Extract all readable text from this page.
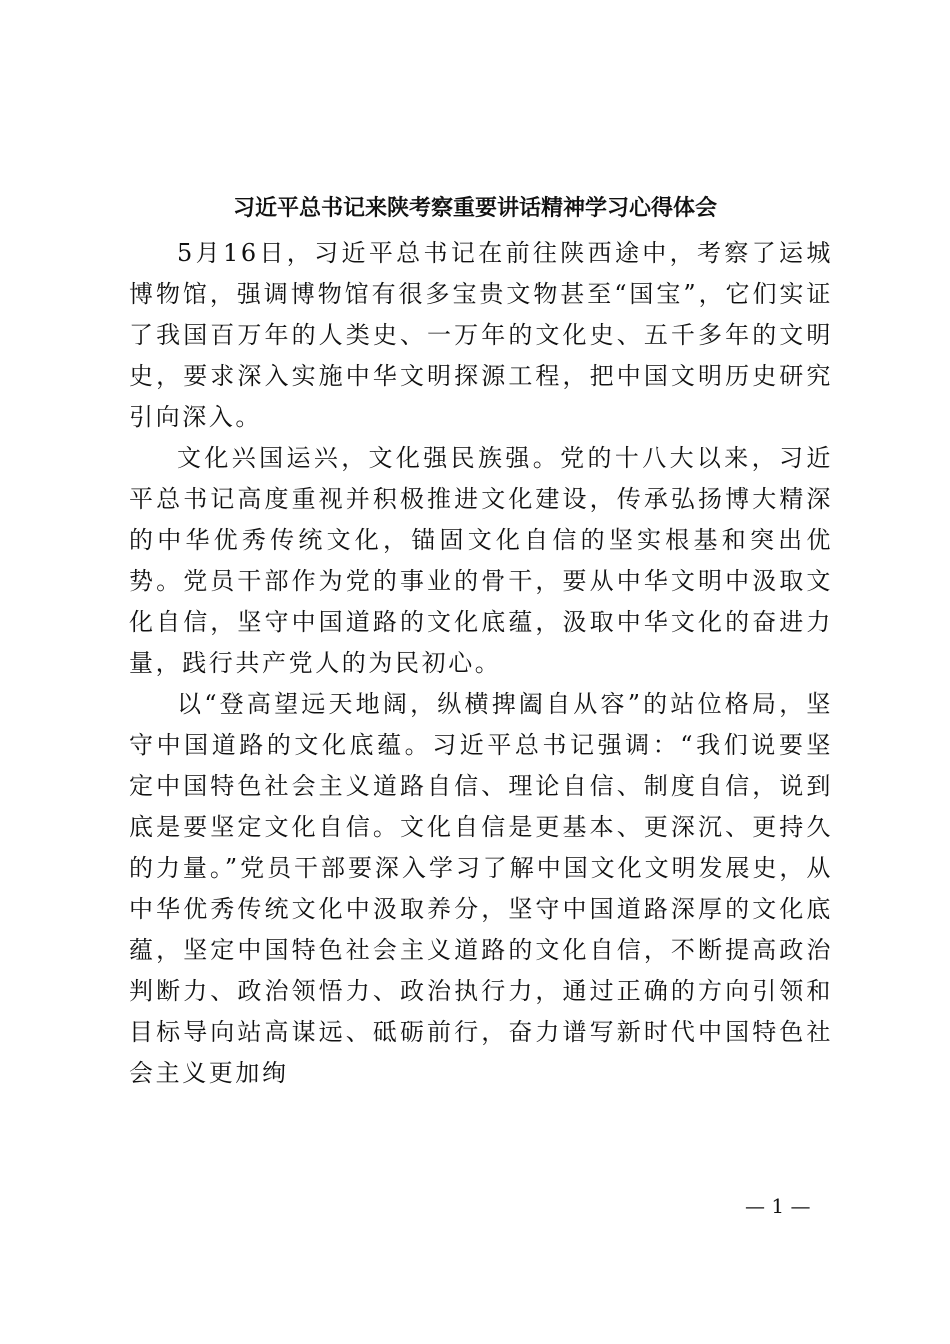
习近平总书记来陕考察重要讲话精神学习心得体会

5月16日，习近平总书记在前往陕西途中，考察了运城博物馆，强调博物馆有很多宝贵文物甚至“国宝”，它们实证了我国百万年的人类史、一万年的文化史、五千多年的文明史，要求深入实施中华文明探源工程，把中国文明历史研究引向深入。

文化兴国运兴，文化强民族强。党的十八大以来，习近平总书记高度重视并积极推进文化建设，传承弘扬博大精深的中华优秀传统文化，锚固文化自信的坚实根基和突出优势。党员干部作为党的事业的骨干，要从中华文明中汲取文化自信，坚守中国道路的文化底蕴，汲取中华文化的奋进力量，践行共产党人的为民初心。

以“登高望远天地阔，纵横捭阖自从容”的站位格局，坚守中国道路的文化底蕴。习近平总书记强调：“我们说要坚定中国特色社会主义道路自信、理论自信、制度自信，说到底是要坚定文化自信。文化自信是更基本、更深沉、更持久的力量。”党员干部要深入学习了解中国文化文明发展史，从中华优秀传统文化中汲取养分，坚守中国道路深厚的文化底蕴，坚定中国特色社会主义道路的文化自信，不断提高政治判断力、政治领悟力、政治执行力，通过正确的方向引领和目标导向站高谋远、砥砺前行，奋力谱写新时代中国特色社会主义更加绚

— 1 —
